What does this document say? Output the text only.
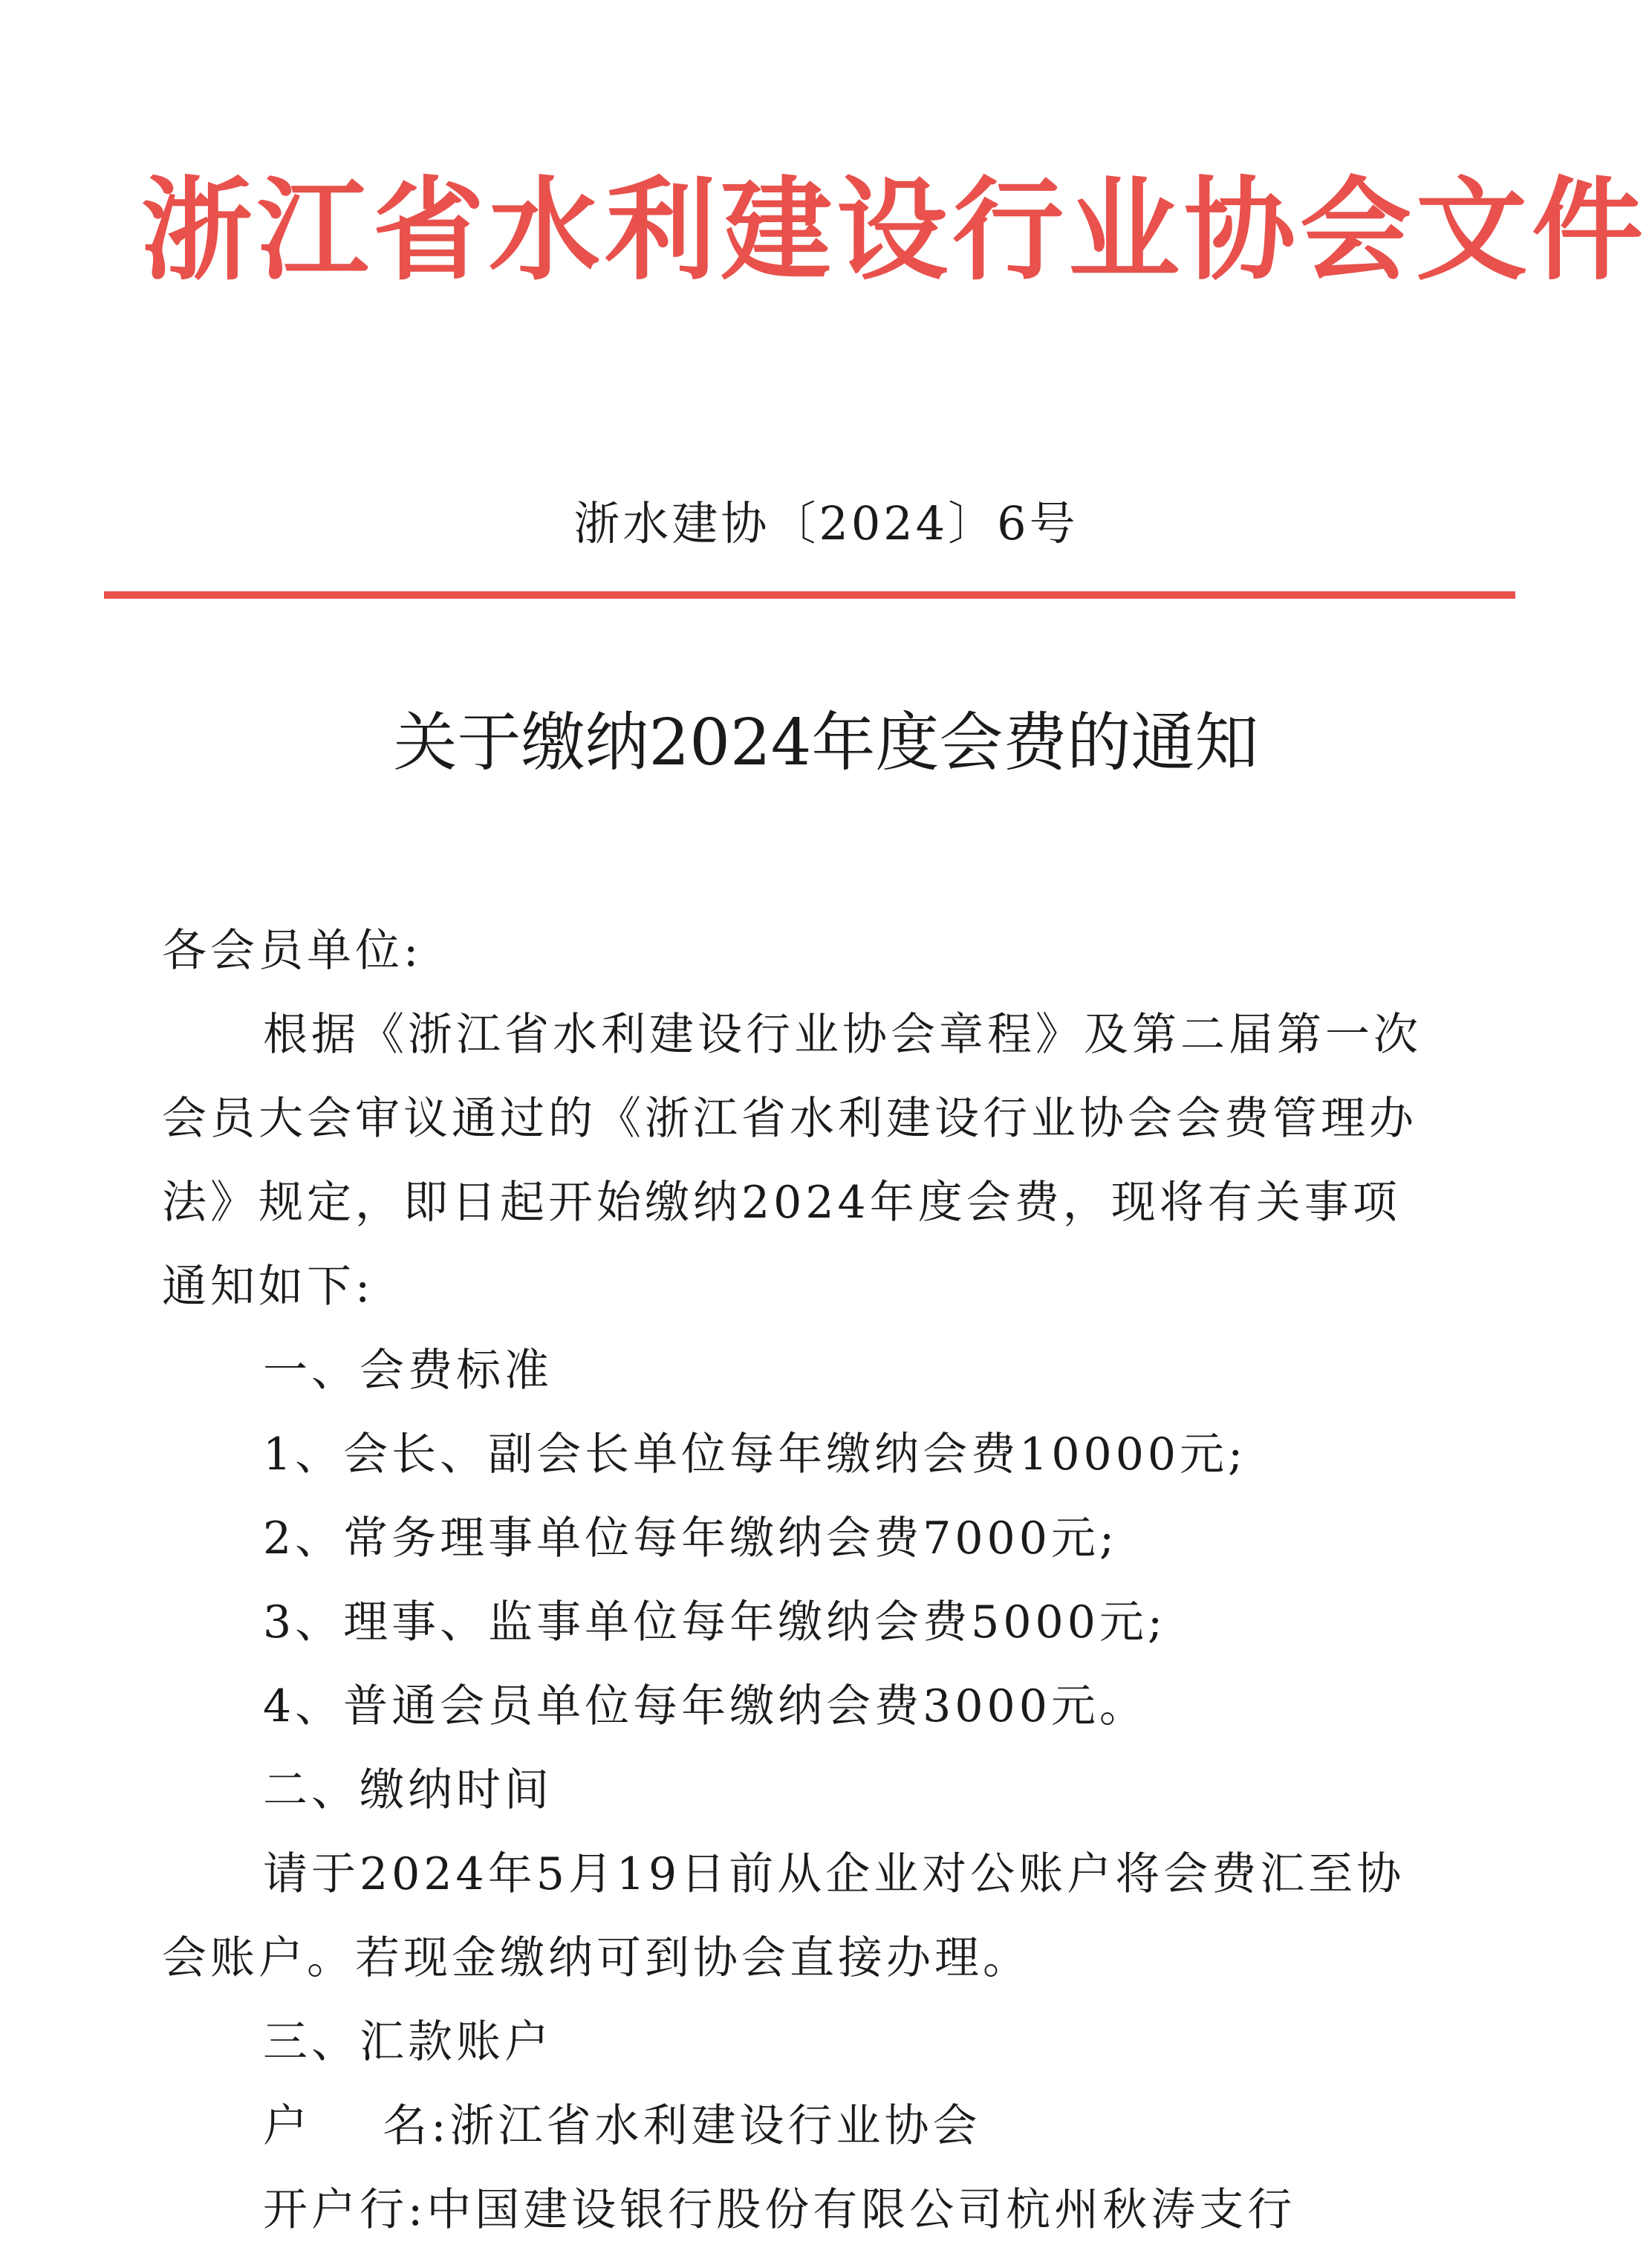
浙江省水利建设行业协会文件
浙水建协〔2024〕6号
关于缴纳2024年度会费的通知
各会员单位:
根据《浙江省水利建设行业协会章程》及第二届第一次
会员大会审议通过的《浙江省水利建设行业协会会费管理办
法》规定，即日起开始缴纳2024年度会费，现将有关事项
通知如下:
一、会费标准
1、会长、副会长单位每年缴纳会费10000元;
2、常务理事单位每年缴纳会费7000元;
3、理事、监事单位每年缴纳会费5000元;
4、普通会员单位每年缴纳会费3000元。
二、缴纳时间
请于2024年5月19日前从企业对公账户将会费汇至协
会账户。若现金缴纳可到协会直接办理。
三、汇款账户
户    名:浙江省水利建设行业协会
开户行:中国建设银行股份有限公司杭州秋涛支行
